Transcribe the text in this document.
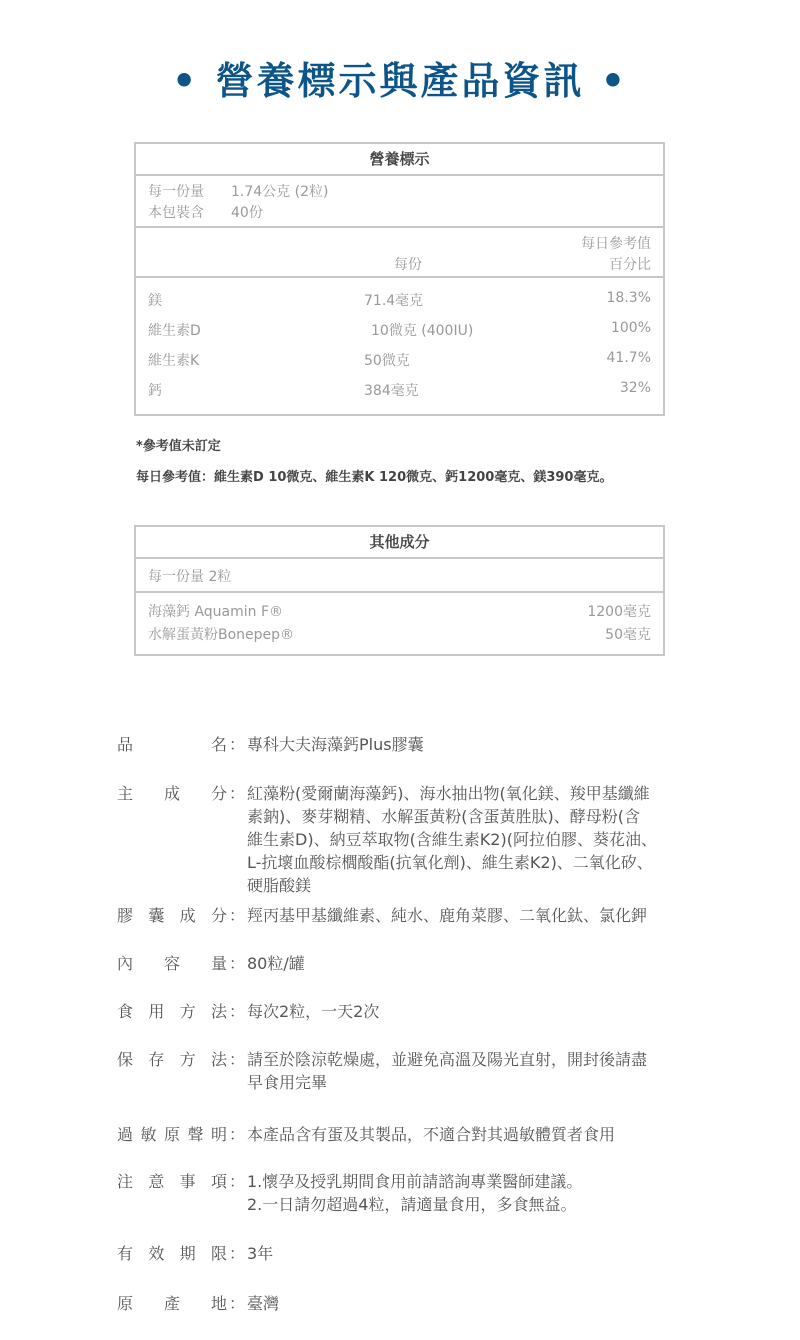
• 營養標示與產品資訊 •
營養標示
每一份量 1.74公克 (2粒)
本包裝含 40份
每份
每日參考值
百分比
鎂	71.4毫克	18.3%
維生素D	10微克 (400IU)	100%
維生素K	50微克	41.7%
鈣	384毫克	32%
*參考值未訂定
每日參考值：維生素D 10微克、維生素K 120微克、鈣1200毫克、鎂390毫克。
其他成分
每一份量 2粒
海藻鈣 Aquamin F®	1200毫克
水解蛋黃粉Bonepep®	50毫克
品	名 ： 專科大夫海藻鈣Plus膠囊
主 成 分 ： 紅藻粉(愛爾蘭海藻鈣)、海水抽出物(氧化鎂、羧甲基纖維
素鈉)、麥芽糊精、水解蛋黃粉(含蛋黃胜肽)、酵母粉(含
維生素D)、納豆萃取物(含維生素K2)(阿拉伯膠、葵花油、
L-抗壞血酸棕櫚酸酯(抗氧化劑)、維生素K2)、二氧化矽、
硬脂酸鎂
膠 囊 成 分 ： 羥丙基甲基纖維素、純水、鹿角菜膠、二氧化鈦、氯化鉀
內 容 量 ： 80粒/罐
食 用 方 法 ： 每次2粒，一天2次
保 存 方 法 ： 請至於陰涼乾燥處，並避免高溫及陽光直射，開封後請盡
早食用完畢
過 敏 原 聲 明 ： 本產品含有蛋及其製品，不適合對其過敏體質者食用
注 意 事 項 ： 1.懷孕及授乳期間食用前請諮詢專業醫師建議。
2.一日請勿超過4粒，請適量食用，多食無益。
有 效 期 限 ： 3年
原 產 地 ： 臺灣
